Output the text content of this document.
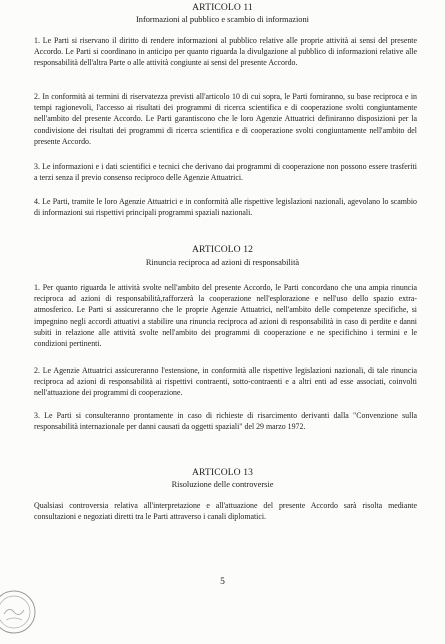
ARTICOLO 11
Informazioni al pubblico e scambio di informazioni
1. Le Parti si riservano il diritto di rendere informazioni al pubblico relative alle proprie attività ai sensi del presente Accordo. Le Parti si coordinano in anticipo per quanto riguarda la divulgazione al pubblico di informazioni relative alle responsabilità dell'altra Parte o alle attività congiunte ai sensi del presente Accordo.
2. In conformità ai termini di riservatezza previsti all'articolo 10 di cui sopra, le Parti forniranno, su base reciproca e in tempi ragionevoli, l'accesso ai risultati dei programmi di ricerca scientifica e di cooperazione svolti congiuntamente nell'ambito del presente Accordo. Le Parti garantiscono che le loro Agenzie Attuatrici definiranno disposizioni per la condivisione dei risultati dei programmi di ricerca scientifica e di cooperazione svolti congiuntamente nell'ambito del presente Accordo.
3. Le informazioni e i dati scientifici e tecnici che derivano dai programmi di cooperazione non possono essere trasferiti a terzi senza il previo consenso reciproco delle Agenzie Attuatrici.
4. Le Parti, tramite le loro Agenzie Attuatrici e in conformità alle rispettive legislazioni nazionali, agevolano lo scambio di informazioni sui rispettivi principali programmi spaziali nazionali.
ARTICOLO 12
Rinuncia reciproca ad azioni di responsabilità
1. Per quanto riguarda le attività svolte nell'ambito del presente Accordo, le Parti concordano che una ampia rinuncia reciproca ad azioni di responsabilità,rafforzerà la cooperazione nell'esplorazione e nell'uso dello spazio extra-atmosferico. Le Parti si assicureranno che le proprie Agenzie Attuatrici, nell'ambito delle competenze specifiche, si impegnino negli accordi attuativi a stabilire una rinuncia reciproca ad azioni di responsabilità in caso di perdite e danni subiti in relazione alle attività svolte nell'ambito dei programmi di cooperazione e ne specifichino i termini e le condizioni pertinenti.
2. Le Agenzie Attuatrici assicureranno l'estensione, in conformità alle rispettive legislazioni nazionali, di tale rinuncia reciproca ad azioni di responsabilità ai rispettivi contraenti, sotto-contraenti e a altri enti ad esse associati, coinvolti nell'attuazione dei programmi di cooperazione.
3. Le Parti si consulteranno prontamente in caso di richieste di risarcimento derivanti dalla "Convenzione sulla responsabilità internazionale per danni causati da oggetti spaziali" del 29 marzo 1972.
ARTICOLO 13
Risoluzione delle controversie
Qualsiasi controversia relativa all'interpretazione e all'attuazione del presente Accordo sarà risolta mediante consultazioni e negoziati diretti tra le Parti attraverso i canali diplomatici.
5
